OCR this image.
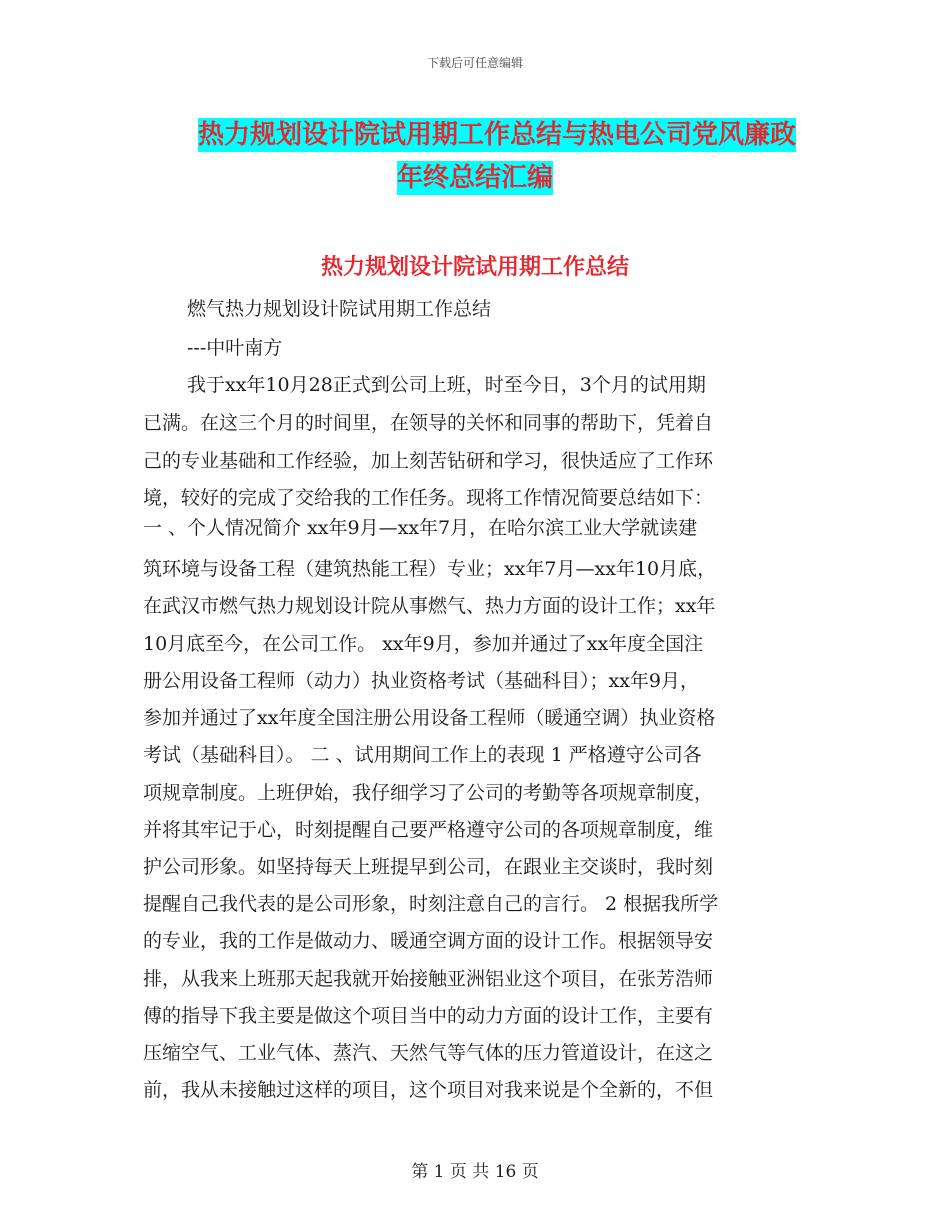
下载后可任意编辑
热力规划设计院试用期工作总结与热电公司党风廉政
年终总结汇编
热力规划设计院试用期工作总结
燃气热力规划设计院试用期工作总结
---中叶南方
我于xx年10月28正式到公司上班，时至今日，3个月的试用期
已满。在这三个月的时间里，在领导的关怀和同事的帮助下，凭着自
己的专业基础和工作经验，加上刻苦钻研和学习，很快适应了工作环
境，较好的完成了交给我的工作任务。现将工作情况简要总结如下：
一 、个人情况简介 xx年9月—xx年7月，在哈尔滨工业大学就读建
筑环境与设备工程（建筑热能工程）专业；xx年7月—xx年10月底，
在武汉市燃气热力规划设计院从事燃气、热力方面的设计工作；xx年
10月底至今，在公司工作。 xx年9月，参加并通过了xx年度全国注
册公用设备工程师（动力）执业资格考试（基础科目）；xx年9月，
参加并通过了xx年度全国注册公用设备工程师（暖通空调）执业资格
考试（基础科目）。 二 、试用期间工作上的表现 1 严格遵守公司各
项规章制度。上班伊始，我仔细学习了公司的考勤等各项规章制度，
并将其牢记于心，时刻提醒自己要严格遵守公司的各项规章制度，维
护公司形象。如坚持每天上班提早到公司，在跟业主交谈时，我时刻
提醒自己我代表的是公司形象，时刻注意自己的言行。 2 根据我所学
的专业，我的工作是做动力、暖通空调方面的设计工作。根据领导安
排，从我来上班那天起我就开始接触亚洲铝业这个项目，在张芳浩师
傅的指导下我主要是做这个项目当中的动力方面的设计工作，主要有
压缩空气、工业气体、蒸汽、天然气等气体的压力管道设计，在这之
前，我从未接触过这样的项目，这个项目对我来说是个全新的，不但
第 1 页 共 16 页
